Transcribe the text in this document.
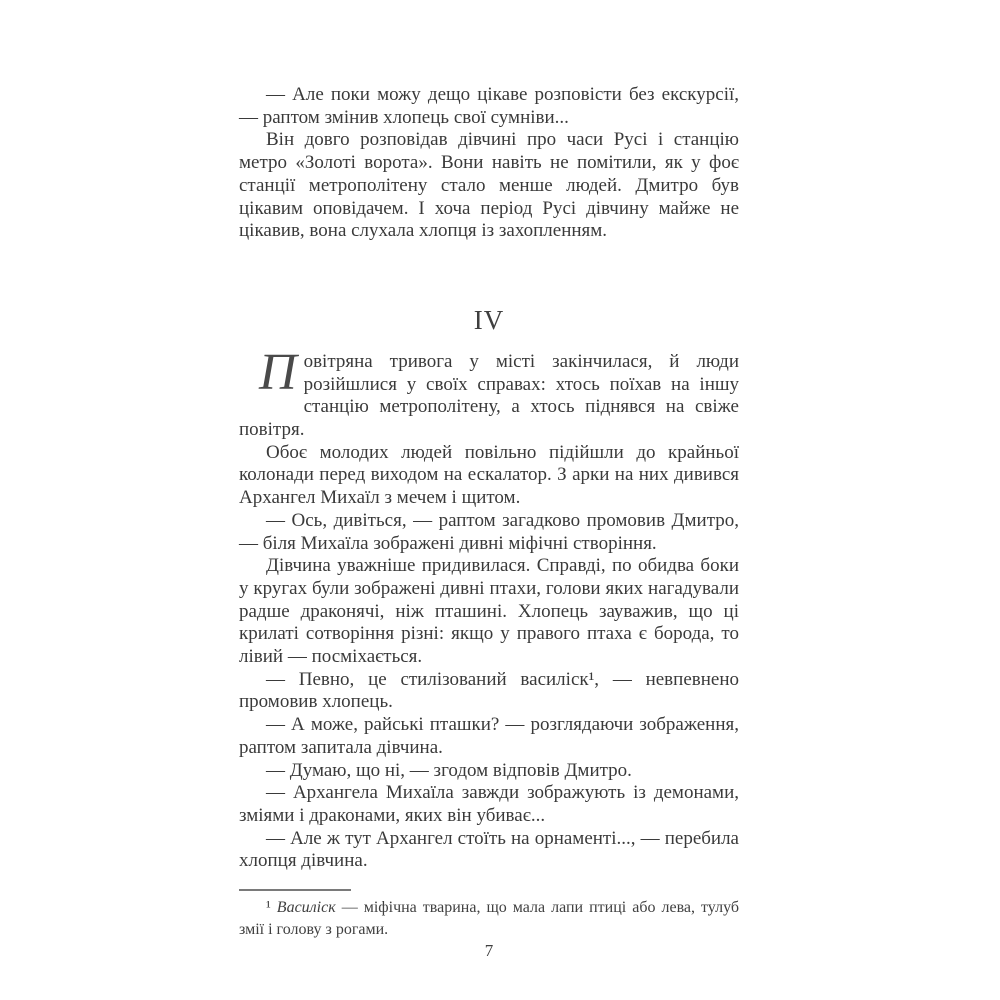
— Але поки можу дещо цікаве розповісти без екскурсії, — раптом змінив хлопець свої сумніви...

Він довго розповідав дівчині про часи Русі і станцію метро «Золоті ворота». Вони навіть не помітили, як у фоє станції метрополітену стало менше людей. Дмитро був цікавим оповідачем. І хоча період Русі дівчину майже не цікавив, вона слухала хлопця із захопленням.

IV

Повітряна тривога у місті закінчилася, й люди розійшлися у своїх справах: хтось поїхав на іншу станцію метрополітену, а хтось піднявся на свіже повітря.

Обоє молодих людей повільно підійшли до крайньої колонади перед виходом на ескалатор. З арки на них дивився Архангел Михаїл з мечем і щитом.

— Ось, дивіться, — раптом загадково промовив Дмитро, — біля Михаїла зображені дивні міфічні створіння.

Дівчина уважніше придивилася. Справді, по обидва боки у кругах були зображені дивні птахи, голови яких нагадували радше драконячі, ніж пташині. Хлопець зауважив, що ці крилаті сотворіння різні: якщо у правого птаха є борода, то лівий — посміхається.

— Певно, це стилізований василіск¹, — невпевнено промовив хлопець.

— А може, райські пташки? — розглядаючи зображення, раптом запитала дівчина.

— Думаю, що ні, — згодом відповів Дмитро.

— Архангела Михаїла завжди зображують із демонами, зміями і драконами, яких він убиває...

— Але ж тут Архангел стоїть на орнаменті..., — перебила хлопця дівчина.

¹ Василіск — міфічна тварина, що мала лапи птиці або лева, тулуб змії і голову з рогами.

7
